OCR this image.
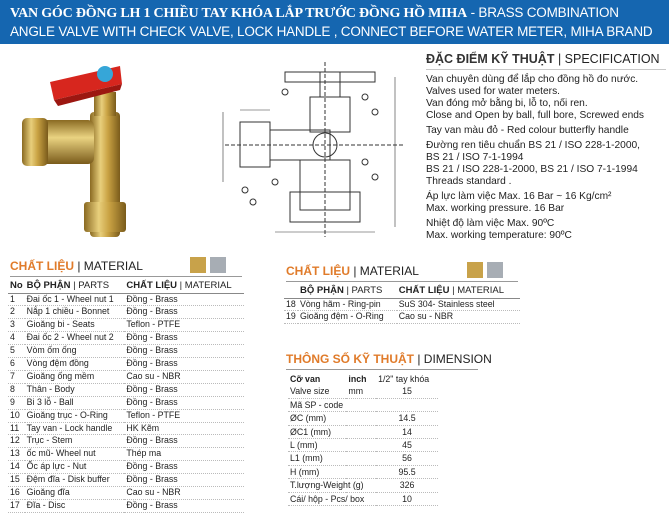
VAN GÓC ĐỒNG LH 1 CHIỀU TAY KHÓA LẮP TRƯỚC ĐỒNG HỒ MIHA - BRASS COMBINATION
ANGLE VALVE WITH CHECK VALVE, LOCK HANDLE , CONNECT BEFORE WATER METER, MIHA BRAND
ĐẶC ĐIỂM KỸ THUẬT | SPECIFICATION

Van chuyên dùng để lắp cho đồng hồ đo nước.

Valves used for water meters.

Van đóng mở bằng bi, lỗ to, nối ren.

Close and Open by ball, full bore, Screwed ends

Tay van màu đỏ - Red colour butterfly handle

Đường ren tiêu chuẩn BS 21 / ISO 228-1-2000,

BS 21 / ISO 7-1-1994

BS 21 / ISO 228-1-2000, BS 21 / ISO 7-1-1994

Threads standard .

Áp lực làm việc Max. 16 Bar ~ 16 Kg/cm²

Max. working pressure. 16 Bar

Nhiệt độ làm việc Max. 90ºC

Max. working temperature: 90ºC

CHẤT LIỆU | MATERIAL
No	BỘ PHẬN | PARTS	CHẤT LIỆU | MATERIAL
1	Đai ốc 1 - Wheel nut 1	Đồng - Brass
2	Nắp 1 chiều - Bonnet	Đồng - Brass
3	Gioăng bi - Seats	Teflon - PTFE
4	Đai ốc 2 - Wheel nut 2	Đồng - Brass
5	Vòm ốm ống	Đồng - Brass
6	Vòng đệm đồng	Đồng - Brass
7	Gioăng ống mềm	Cao su - NBR
8	Thân - Body	Đồng - Brass
9	Bi 3 lỗ - Ball	Đồng - Brass
10	Gioăng trục - O-Ring	Teflon - PTFE
11	Tay van - Lock handle	HK Kẽm
12	Trục - Stem	Đồng - Brass
13	ốc mũ- Wheel nut	Thép ma
14	Ốc áp lực - Nut	Đồng - Brass
15	Đệm đĩa - Disk buffer	Đồng - Brass
16	Gioăng đĩa	Cao su - NBR
17	Đĩa - Disc	Đồng - Brass
CHẤT LIỆU | MATERIAL
	BỘ PHẬN | PARTS	CHẤT LIỆU | MATERIAL
18	Vòng hãm - Ring-pin	SuS 304- Stainless steel
19	Gioăng đệm - O-Ring	Cao su - NBR
THÔNG SỐ KỸ THUẬT | DIMENSION
Cỡ van	inch	1/2" tay khóa
Valve size	mm	15
Mã SP - code		
ØC (mm)		14.5
ØC1 (mm)		14
L (mm)		45
L1 (mm)		56
H (mm)		95.5
T.lượng-Weight (g)		326
Cái/ hộp - Pcs/ box		10
